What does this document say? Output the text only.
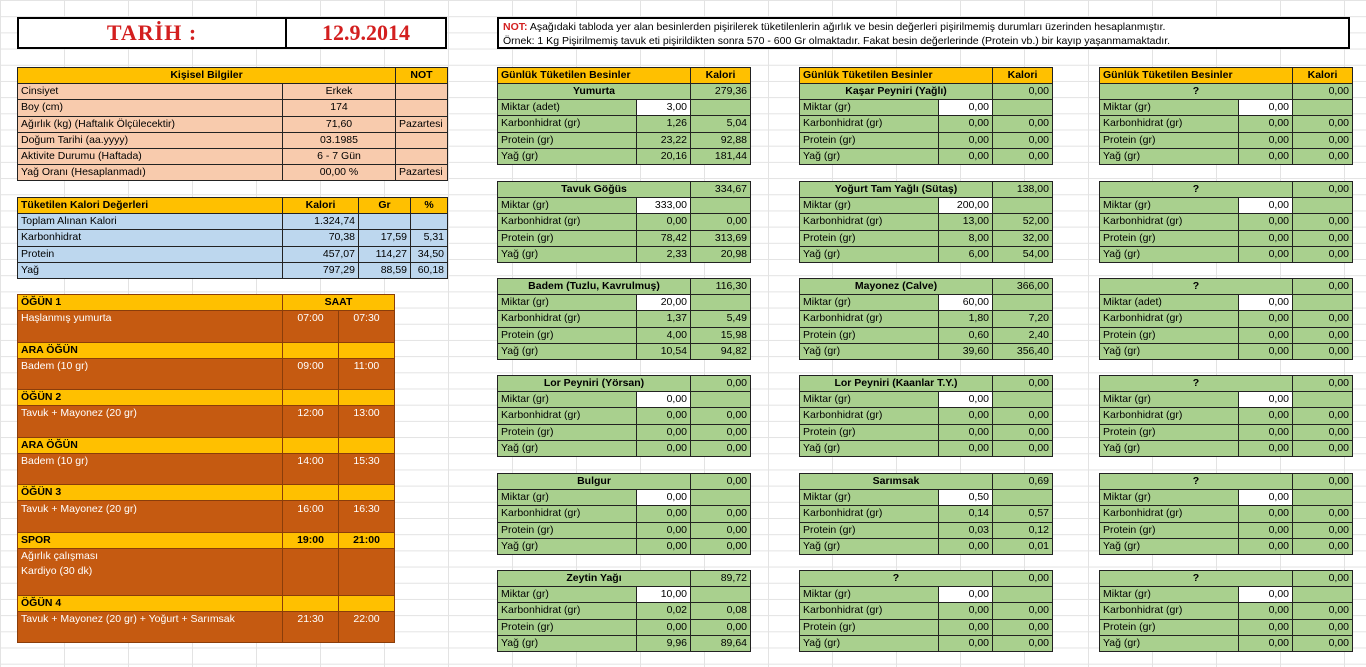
TARİH :	12.9.2014	NOT: Aşağıdaki tabloda yer alan besinlerden pişirilerek tüketilenlerin ağırlık ve besin değerleri pişirilmemiş durumları üzerinden hesaplanmıştır.
Örnek: 1 Kg Pişirilmemiş tavuk eti pişirildikten sonra 570 - 600 Gr olmaktadır. Fakat besin değerlerinde (Protein vb.) bir kayıp yaşanmamaktadır.
Kişisel Bilgiler		NOT
Cinsiyet	Erkek	
Boy (cm)	174	
Ağırlık (kg) (Haftalık Ölçülecektir)	71,60	Pazartesi
Doğum Tarihi (aa.yyyy)	03.1985	
Aktivite Durumu (Haftada)	6 - 7 Gün	
Yağ Oranı (Hesaplanmadı)	00,00 %	Pazartesi
Tüketilen Kalori Değerleri	Kalori	Gr	%
Toplam Alınan Kalori	1.324,74		
Karbonhidrat	70,38	17,59	5,31
Protein	457,07	114,27	34,50
Yağ	797,29	88,59	60,18
ÖĞÜN 1	SAAT	
Haşlanmış yumurta	07:00	07:30

ARA ÖĞÜN		
Badem (10 gr)	09:00	11:00

ÖĞÜN 2		
Tavuk + Mayonez (20 gr)	12:00	13:00

ARA ÖĞÜN		
Badem (10 gr)	14:00	15:30

ÖĞÜN 3		
Tavuk + Mayonez (20 gr)	16:00	16:30

SPOR	19:00	21:00
Ağırlık çalışması		
Kardiyo (30 dk)		

ÖĞÜN 4		
Tavuk + Mayonez (20 gr) + Yoğurt + Sarımsak	21:30	22:00

Günlük Tüketilen Besinler	Kalori
Yumurta		279,36
Miktar (adet)	3,00	
Karbonhidrat (gr)	1,26	5,04
Protein (gr)	23,22	92,88
Yağ (gr)	20,16	181,44
Tavuk Göğüs		334,67
Miktar (gr)	333,00	
Karbonhidrat (gr)	0,00	0,00
Protein (gr)	78,42	313,69
Yağ (gr)	2,33	20,98
Badem (Tuzlu, Kavrulmuş)		116,30
Miktar (gr)	20,00	
Karbonhidrat (gr)	1,37	5,49
Protein (gr)	4,00	15,98
Yağ (gr)	10,54	94,82
Lor Peyniri (Yörsan)		0,00
Miktar (gr)	0,00	
Karbonhidrat (gr)	0,00	0,00
Protein (gr)	0,00	0,00
Yağ (gr)	0,00	0,00
Bulgur		0,00
Miktar (gr)	0,00	
Karbonhidrat (gr)	0,00	0,00
Protein (gr)	0,00	0,00
Yağ (gr)	0,00	0,00
Zeytin Yağı		89,72
Miktar (gr)	10,00	
Karbonhidrat (gr)	0,02	0,08
Protein (gr)	0,00	0,00
Yağ (gr)	9,96	89,64
Günlük Tüketilen Besinler	Kalori
Kaşar Peyniri (Yağlı)		0,00
Miktar (gr)	0,00	
Karbonhidrat (gr)	0,00	0,00
Protein (gr)	0,00	0,00
Yağ (gr)	0,00	0,00
Yoğurt Tam Yağlı (Sütaş)		138,00
Miktar (gr)	200,00	
Karbonhidrat (gr)	13,00	52,00
Protein (gr)	8,00	32,00
Yağ (gr)	6,00	54,00
Mayonez (Calve)		366,00
Miktar (gr)	60,00	
Karbonhidrat (gr)	1,80	7,20
Protein (gr)	0,60	2,40
Yağ (gr)	39,60	356,40
Lor Peyniri (Kaanlar T.Y.)		0,00
Miktar (gr)	0,00	
Karbonhidrat (gr)	0,00	0,00
Protein (gr)	0,00	0,00
Yağ (gr)	0,00	0,00
Sarımsak		0,69
Miktar (gr)	0,50	
Karbonhidrat (gr)	0,14	0,57
Protein (gr)	0,03	0,12
Yağ (gr)	0,00	0,01
?		0,00
Miktar (gr)	0,00	
Karbonhidrat (gr)	0,00	0,00
Protein (gr)	0,00	0,00
Yağ (gr)	0,00	0,00
Günlük Tüketilen Besinler	Kalori
?		0,00
Miktar (gr)	0,00	
Karbonhidrat (gr)	0,00	0,00
Protein (gr)	0,00	0,00
Yağ (gr)	0,00	0,00
?		0,00
Miktar (gr)	0,00	
Karbonhidrat (gr)	0,00	0,00
Protein (gr)	0,00	0,00
Yağ (gr)	0,00	0,00
?		0,00
Miktar (adet)	0,00	
Karbonhidrat (gr)	0,00	0,00
Protein (gr)	0,00	0,00
Yağ (gr)	0,00	0,00
?		0,00
Miktar (gr)	0,00	
Karbonhidrat (gr)	0,00	0,00
Protein (gr)	0,00	0,00
Yağ (gr)	0,00	0,00
?		0,00
Miktar (gr)	0,00	
Karbonhidrat (gr)	0,00	0,00
Protein (gr)	0,00	0,00
Yağ (gr)	0,00	0,00
?		0,00
Miktar (gr)	0,00	
Karbonhidrat (gr)	0,00	0,00
Protein (gr)	0,00	0,00
Yağ (gr)	0,00	0,00
